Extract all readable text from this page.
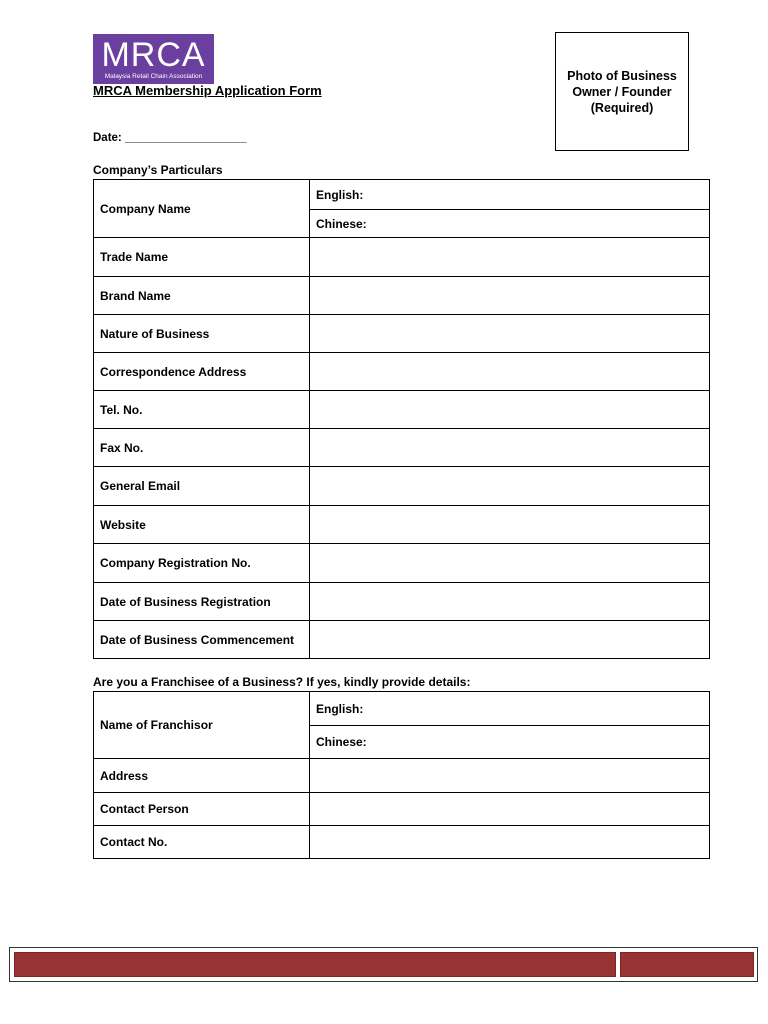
MRCA
Malaysia Retail Chain Association
MRCA Membership Application Form
Date: ___________________
Photo of Business Owner / Founder (Required)
Company’s Particulars
Company Name	English:
	Chinese:
Trade Name	
Brand Name	
Nature of Business	
Correspondence Address	
Tel. No.	
Fax No.	
General Email	
Website	
Company Registration No.	
Date of Business Registration	
Date of Business Commencement	
Are you a Franchisee of a Business? If yes, kindly provide details:
Name of Franchisor	English:
	Chinese:
Address	
Contact Person	
Contact No.	
